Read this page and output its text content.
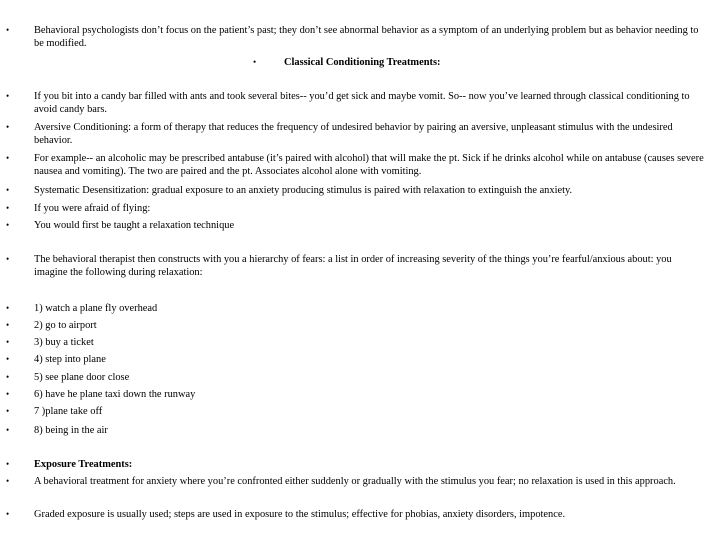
• Behavioral psychologists don’t focus on the patient’s past; they don’t see abnormal behavior as a symptom of an underlying problem but as behavior needing to be modified.
•	Classical Conditioning Treatments:
• If you bit into a candy bar filled with ants and took several bites-- you’d get sick and maybe vomit. So-- now you’ve learned through classical conditioning to avoid candy bars.
• Aversive Conditioning: a form of therapy that reduces the frequency of undesired behavior by pairing an aversive, unpleasant stimulus with the undesired behavior.
• For example-- an alcoholic may be prescribed antabuse (it’s paired with alcohol) that will make the pt. Sick if he drinks alcohol while on antabuse (causes severe nausea and vomiting). The two are paired and the pt. Associates alcohol alone with vomiting.
• Systematic Desensitization: gradual exposure to an anxiety producing stimulus is paired with relaxation to extinguish the anxiety.
• If you were afraid of flying:
• You would first be taught a relaxation technique
• The behavioral therapist then constructs with you a hierarchy of fears: a list in order of increasing severity of the things you’re fearful/anxious about: you imagine the following during relaxation:
• 1) watch a plane fly overhead
• 2) go to airport
• 3) buy a ticket
• 4) step into plane
• 5) see plane door close
• 6) have he plane taxi down the runway
• 7 )plane take off
• 8) being in the air
• Exposure Treatments:
• A behavioral treatment for anxiety where you’re confronted either suddenly or gradually with the stimulus you fear; no relaxation is used in this approach.
• Graded exposure is usually used; steps are used in exposure to the stimulus; effective for phobias, anxiety disorders, impotence.
